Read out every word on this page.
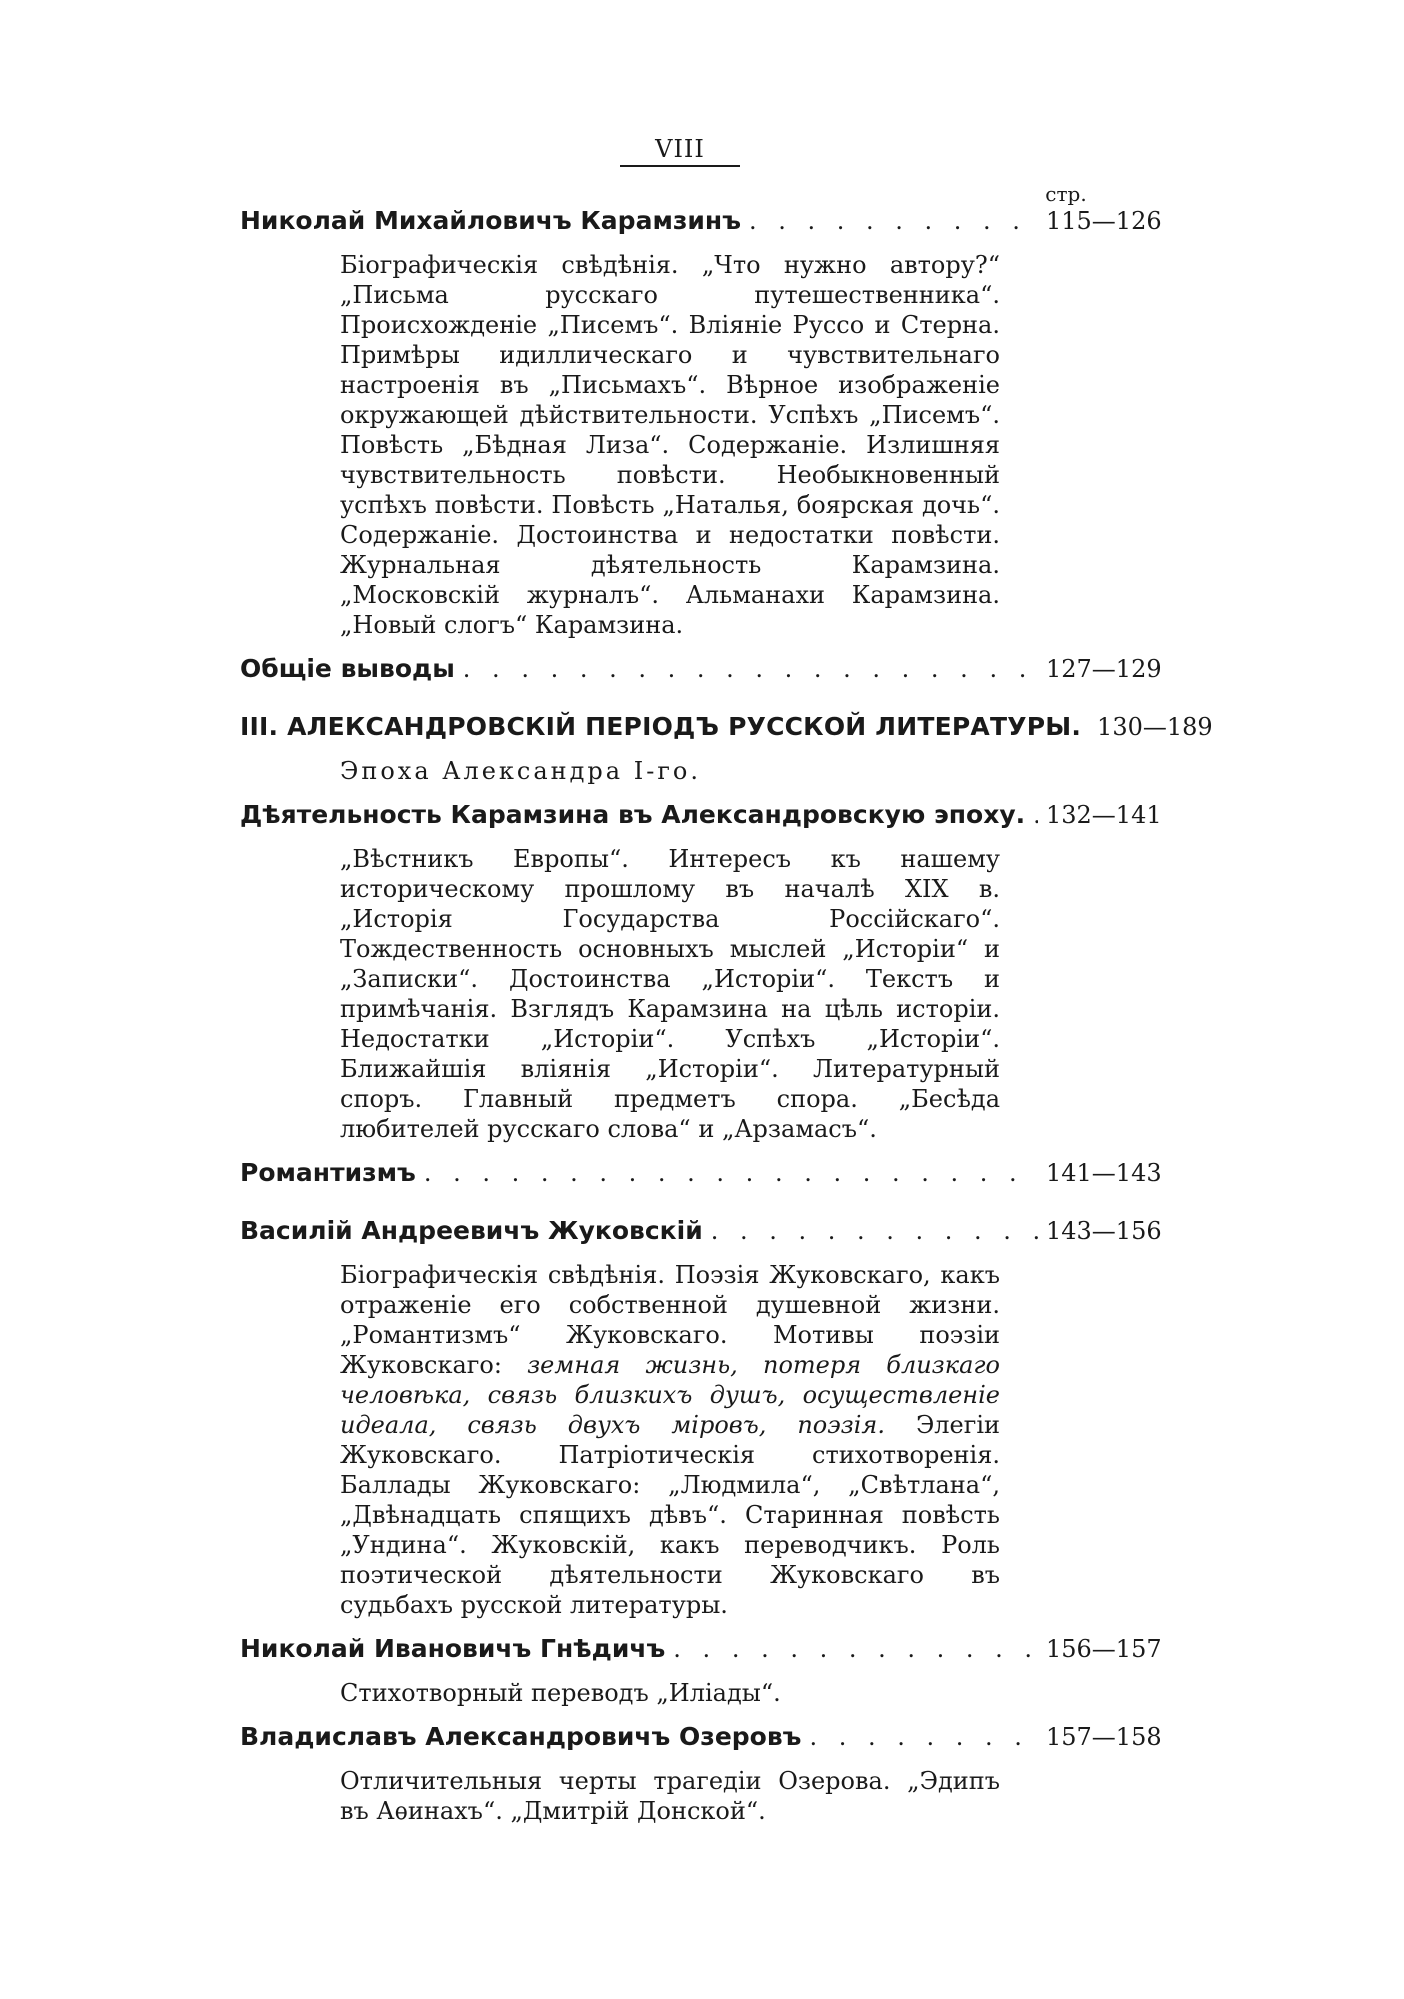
VIII
стр.
Николай Михайловичъ Карамзинъ . . .	115—126
Біографическія свѣдѣнія. „Что нужно автору?“ „Письма русскаго путешественника“. Происхожденіе „Писемъ“. Вліяніе Руссо и Стерна. Примѣры идиллическаго и чувствительнаго настроенія въ „Письмахъ“. Вѣрное изображеніе окружающей дѣйствительности. Успѣхъ „Писемъ“. Повѣсть „Бѣдная Лиза“. Содержаніе. Излишняя чувствительность повѣсти. Необыкновенный успѣхъ повѣсти. Повѣсть „Наталья, боярская дочь“. Содержаніе. Достоинства и недостатки повѣсти. Журнальная дѣятельность Карамзина. „Московскій журналъ“. Альманахи Карамзина. „Новый слогъ“ Карамзина.
Общіе выводы . . .	127—129
III. АЛЕКСАНДРОВСКІЙ ПЕРІОДЪ РУССКОЙ ЛИТЕРАТУРЫ. 130—189
Эпоха Александра I-го.
Дѣятельность Карамзина въ Александровскую эпоху. . . . 132—141
„Вѣстникъ Европы“. Интересъ къ нашему историческому прошлому въ началѣ XIX в. „Исторія Государства Россійскаго“. Тождественность основныхъ мыслей „Исторіи“ и „Записки“. Достоинства „Исторіи“. Текстъ и примѣчанія. Взглядъ Карамзина на цѣль исторіи. Недостатки „Исторіи“. Успѣхъ „Исторіи“. Ближайшія вліянія „Исторіи“. Литературный споръ. Главный предметъ спора. „Бесѣда любителей русскаго слова“ и „Арзамасъ“.
Романтизмъ . . .	141—143
Василій Андреевичъ Жуковскій . . .	143—156
Біографическія свѣдѣнія. Поэзія Жуковскаго, какъ отраженіе его собственной душевной жизни. „Романтизмъ“ Жуковскаго. Мотивы поэзіи Жуковскаго: земная жизнь, потеря близкаго человѣка, связь близкихъ душъ, осуществленіе идеала, связь двухъ міровъ, поэзія. Элегіи Жуковскаго. Патріотическія стихотворенія. Баллады Жуковскаго: „Людмила“, „Свѣтлана“, „Двѣнадцать спящихъ дѣвъ“. Старинная повѣсть „Ундина“. Жуковскій, какъ переводчикъ. Роль поэтической дѣятельности Жуковскаго въ судьбахъ русской литературы.
Николай Ивановичъ Гнѣдичъ . . .	156—157
Стихотворный переводъ „Иліады“.
Владиславъ Александровичъ Озеровъ . . .	157—158
Отличительныя черты трагедіи Озерова. „Эдипъ въ Аѳинахъ“. „Дмитрій Донской“.
